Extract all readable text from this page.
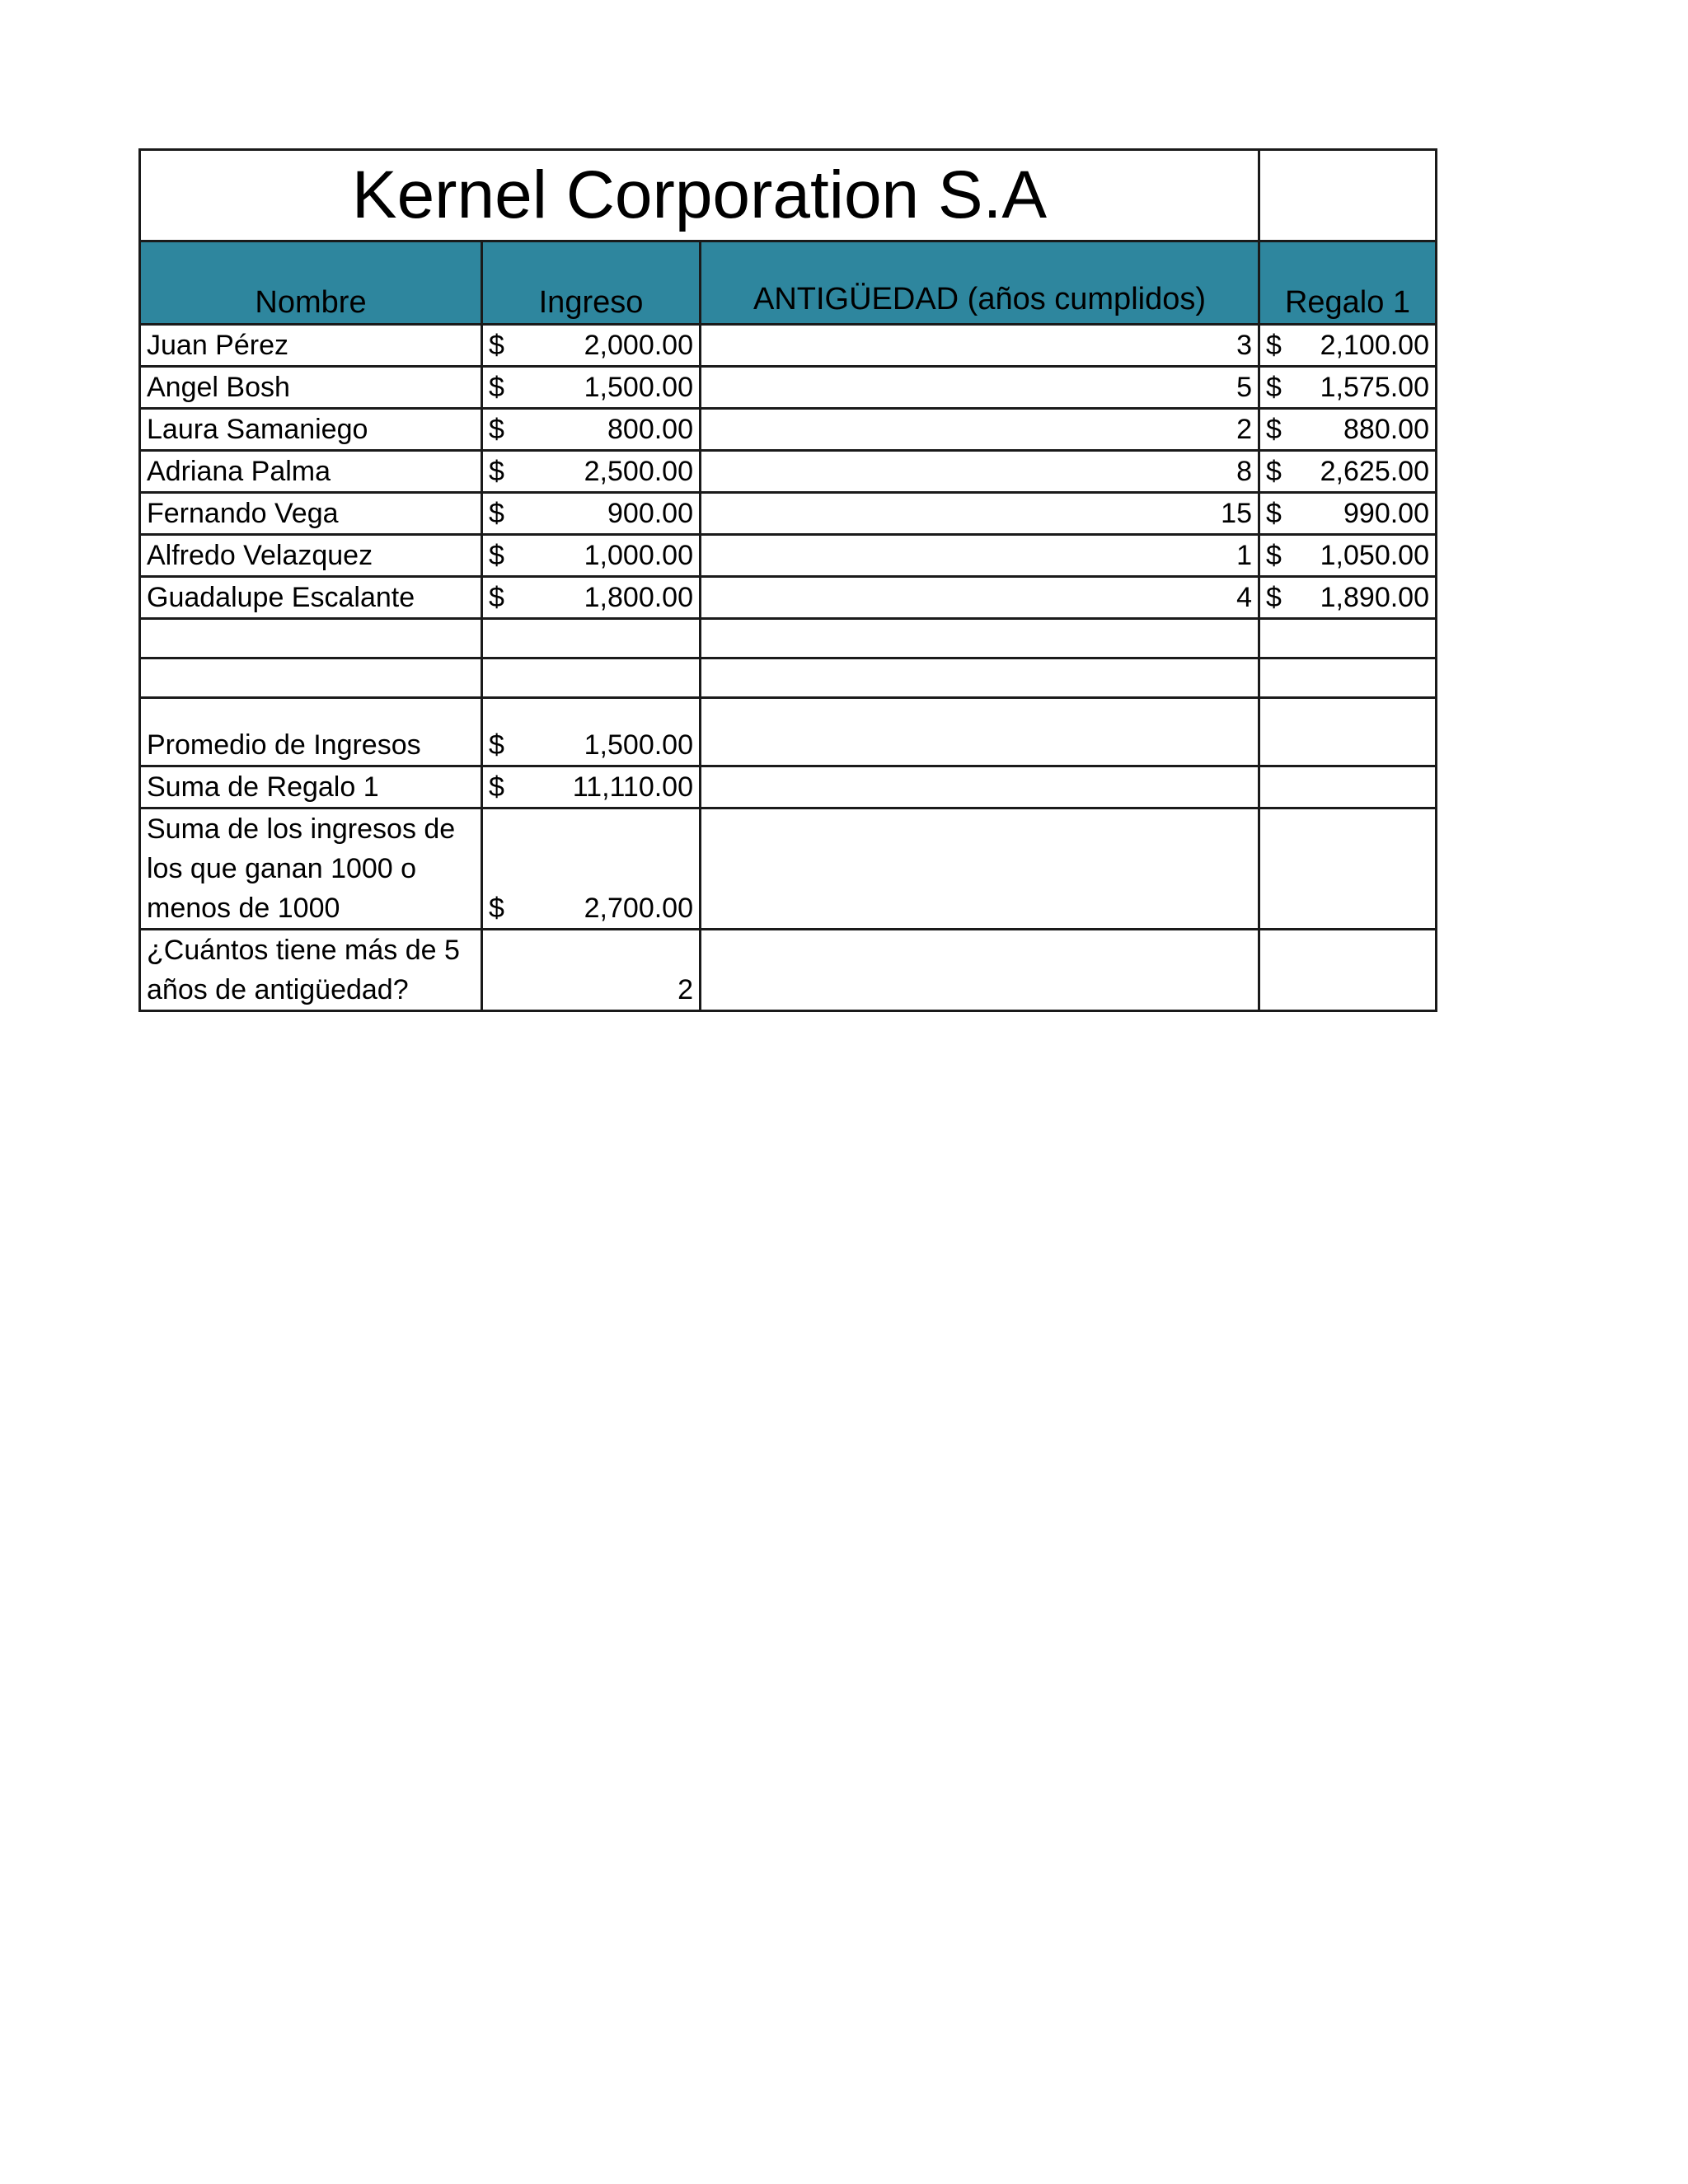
Kernel Corporation S.A			
Nombre	Ingreso	ANTIGÜEDAD (años cumplidos)	Regalo 1
Juan Pérez	$ 2,000.00	3	$ 2,100.00

Angel Bosh	$ 1,500.00	5	$ 1,575.00

Laura Samaniego	$ 800.00	2	$ 880.00

Adriana Palma	$ 2,500.00	8	$ 2,625.00

Fernando Vega	$ 900.00	15	$ 990.00

Alfredo Velazquez	$ 1,000.00	1	$ 1,050.00

Guadalupe Escalante	$ 1,800.00	4	$ 1,890.00

Promedio de Ingresos	$ 1,500.00		

Suma de Regalo 1	$ 11,110.00		

Suma de los ingresos de los que ganan 1000 o menos de 1000	$ 2,700.00		

¿Cuántos tiene más de 5 años de antigüedad?	2		
